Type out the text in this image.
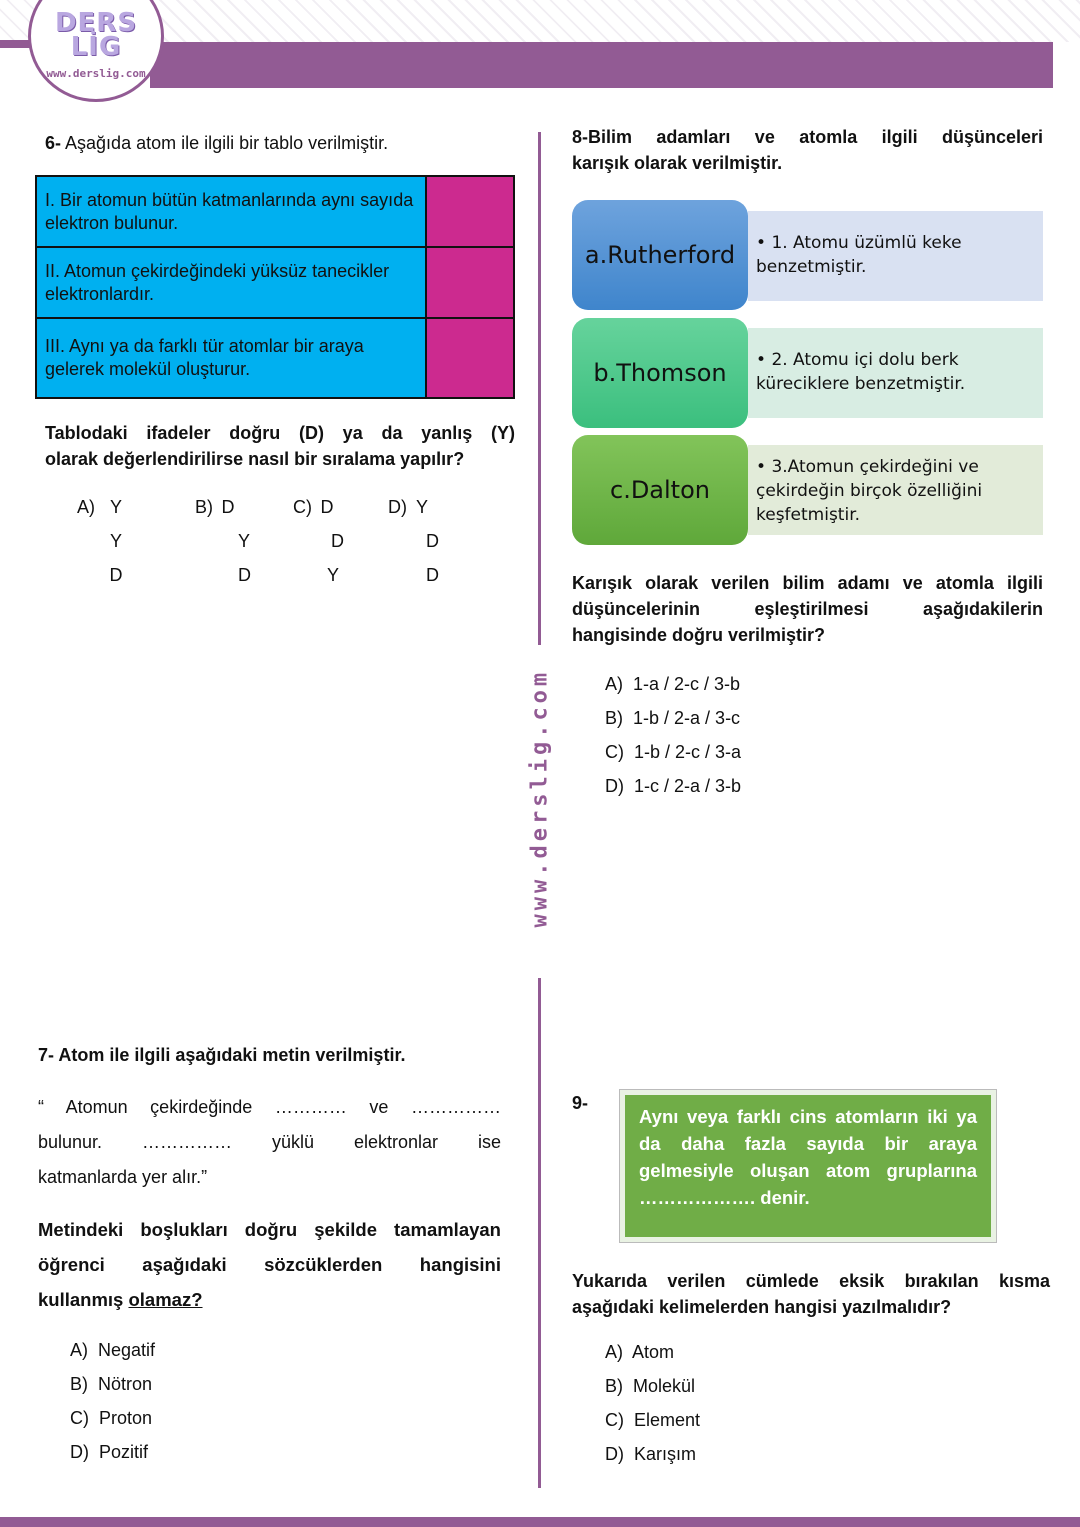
DERS LİG
www.derslig.com
www.derslig.com
6- Aşağıda atom ile ilgili bir tablo verilmiştir.
I. Bir atomun bütün katmanlarında aynı sayıda elektron bulunur.	
II. Atomun çekirdeğindeki yüksüz tanecikler elektronlardır.	
III. Aynı ya da farklı tür atomlar bir araya gelerek molekül oluşturur.	
Tablodaki ifadeler doğru (D) ya da yanlış (Y)
olarak değerlendirilirse nasıl bir sıralama yapılır?
A) Y
Y
D
B) D
Y
D
C) D
D
Y
D) Y
D
D
8-Bilim adamları ve atomla ilgili düşünceleri
karışık olarak verilmiştir.
• 1. Atomu üzümlü keke benzetmiştir.
a.Rutherford
• 2. Atomu içi dolu berk küreciklere benzetmiştir.
b.Thomson
• 3.Atomun çekirdeğini ve çekirdeğin birçok özelliğini keşfetmiştir.
c.Dalton
Karışık olarak verilen bilim adamı ve atomla ilgili
düşüncelerinin eşleştirilmesi aşağıdakilerin
hangisinde doğru verilmiştir?
A) 1-a / 2-c / 3-b
B) 1-b / 2-a / 3-c
C) 1-b / 2-c / 3-a
D) 1-c / 2-a / 3-b
7- Atom ile ilgili aşağıdaki metin verilmiştir.
“ Atomun çekirdeğinde ………… ve ……………
bulunur. …………… yüklü elektronlar ise
katmanlarda yer alır.”
Metindeki boşlukları doğru şekilde tamamlayan
öğrenci aşağıdaki sözcüklerden hangisini
kullanmış olamaz?
A) Negatif
B) Nötron
C) Proton
D) Pozitif
9-
Aynı veya farklı cins atomların iki ya da daha fazla sayıda bir araya gelmesiyle oluşan atom gruplarına ………………. denir.
Yukarıda verilen cümlede eksik bırakılan kısma
aşağıdaki kelimelerden hangisi yazılmalıdır?
A) Atom
B) Molekül
C) Element
D) Karışım
